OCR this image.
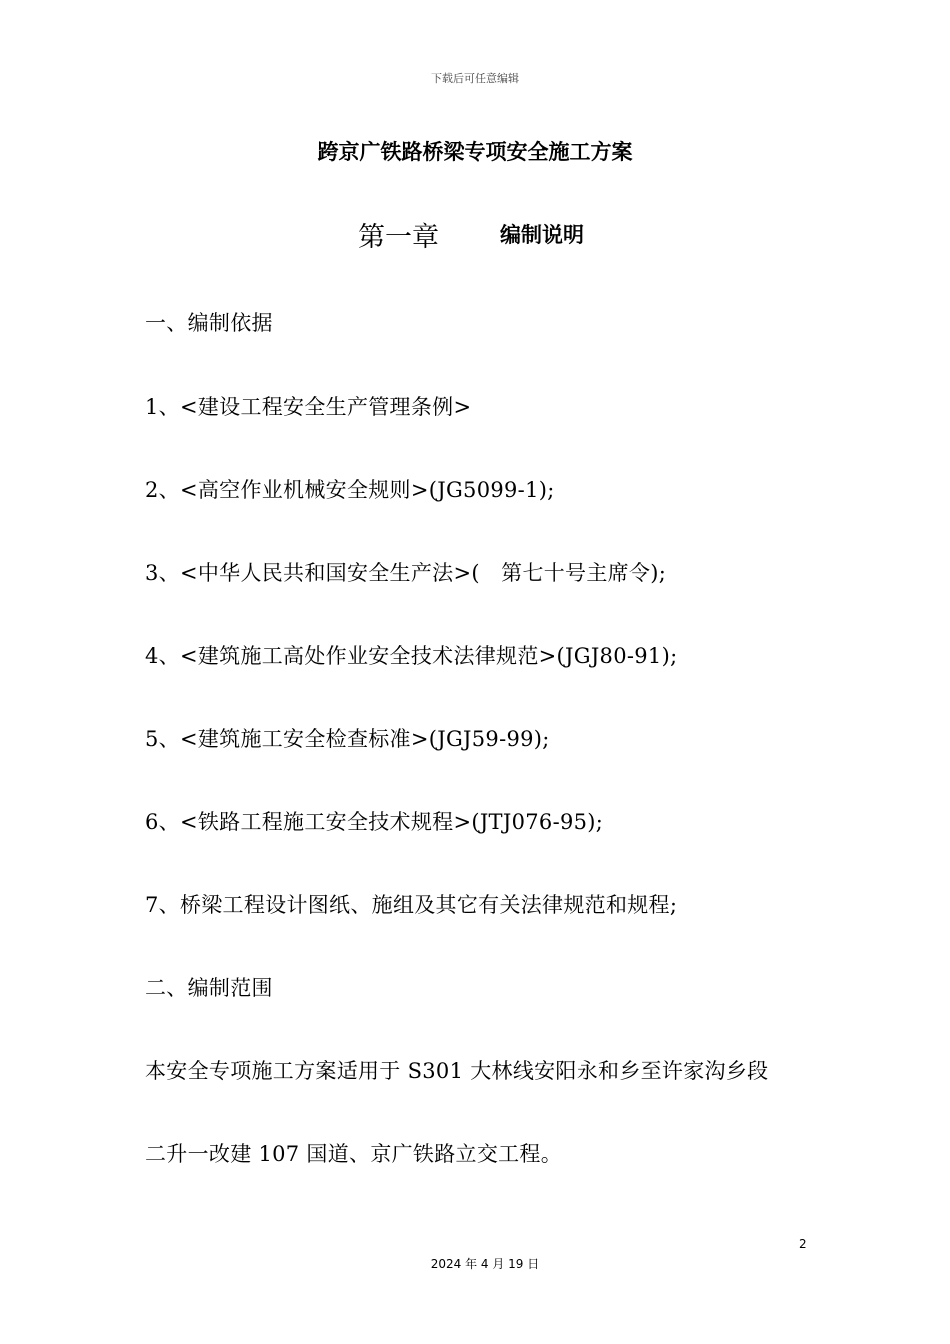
下载后可任意编辑
跨京广铁路桥梁专项安全施工方案
第一章	编制说明
一、编制依据
1、<建设工程安全生产管理条例>
2、<高空作业机械安全规则>(JG5099-1);
3、<中华人民共和国安全生产法>(　第七十号主席令);
4、<建筑施工高处作业安全技术法律规范>(JGJ80-91);
5、<建筑施工安全检查标准>(JGJ59-99);
6、<铁路工程施工安全技术规程>(JTJ076-95);
7、桥梁工程设计图纸、施组及其它有关法律规范和规程;
二、编制范围
本安全专项施工方案适用于 S301 大林线安阳永和乡至许家沟乡段
二升一改建 107 国道、京广铁路立交工程。
2
2024 年 4 月 19 日
